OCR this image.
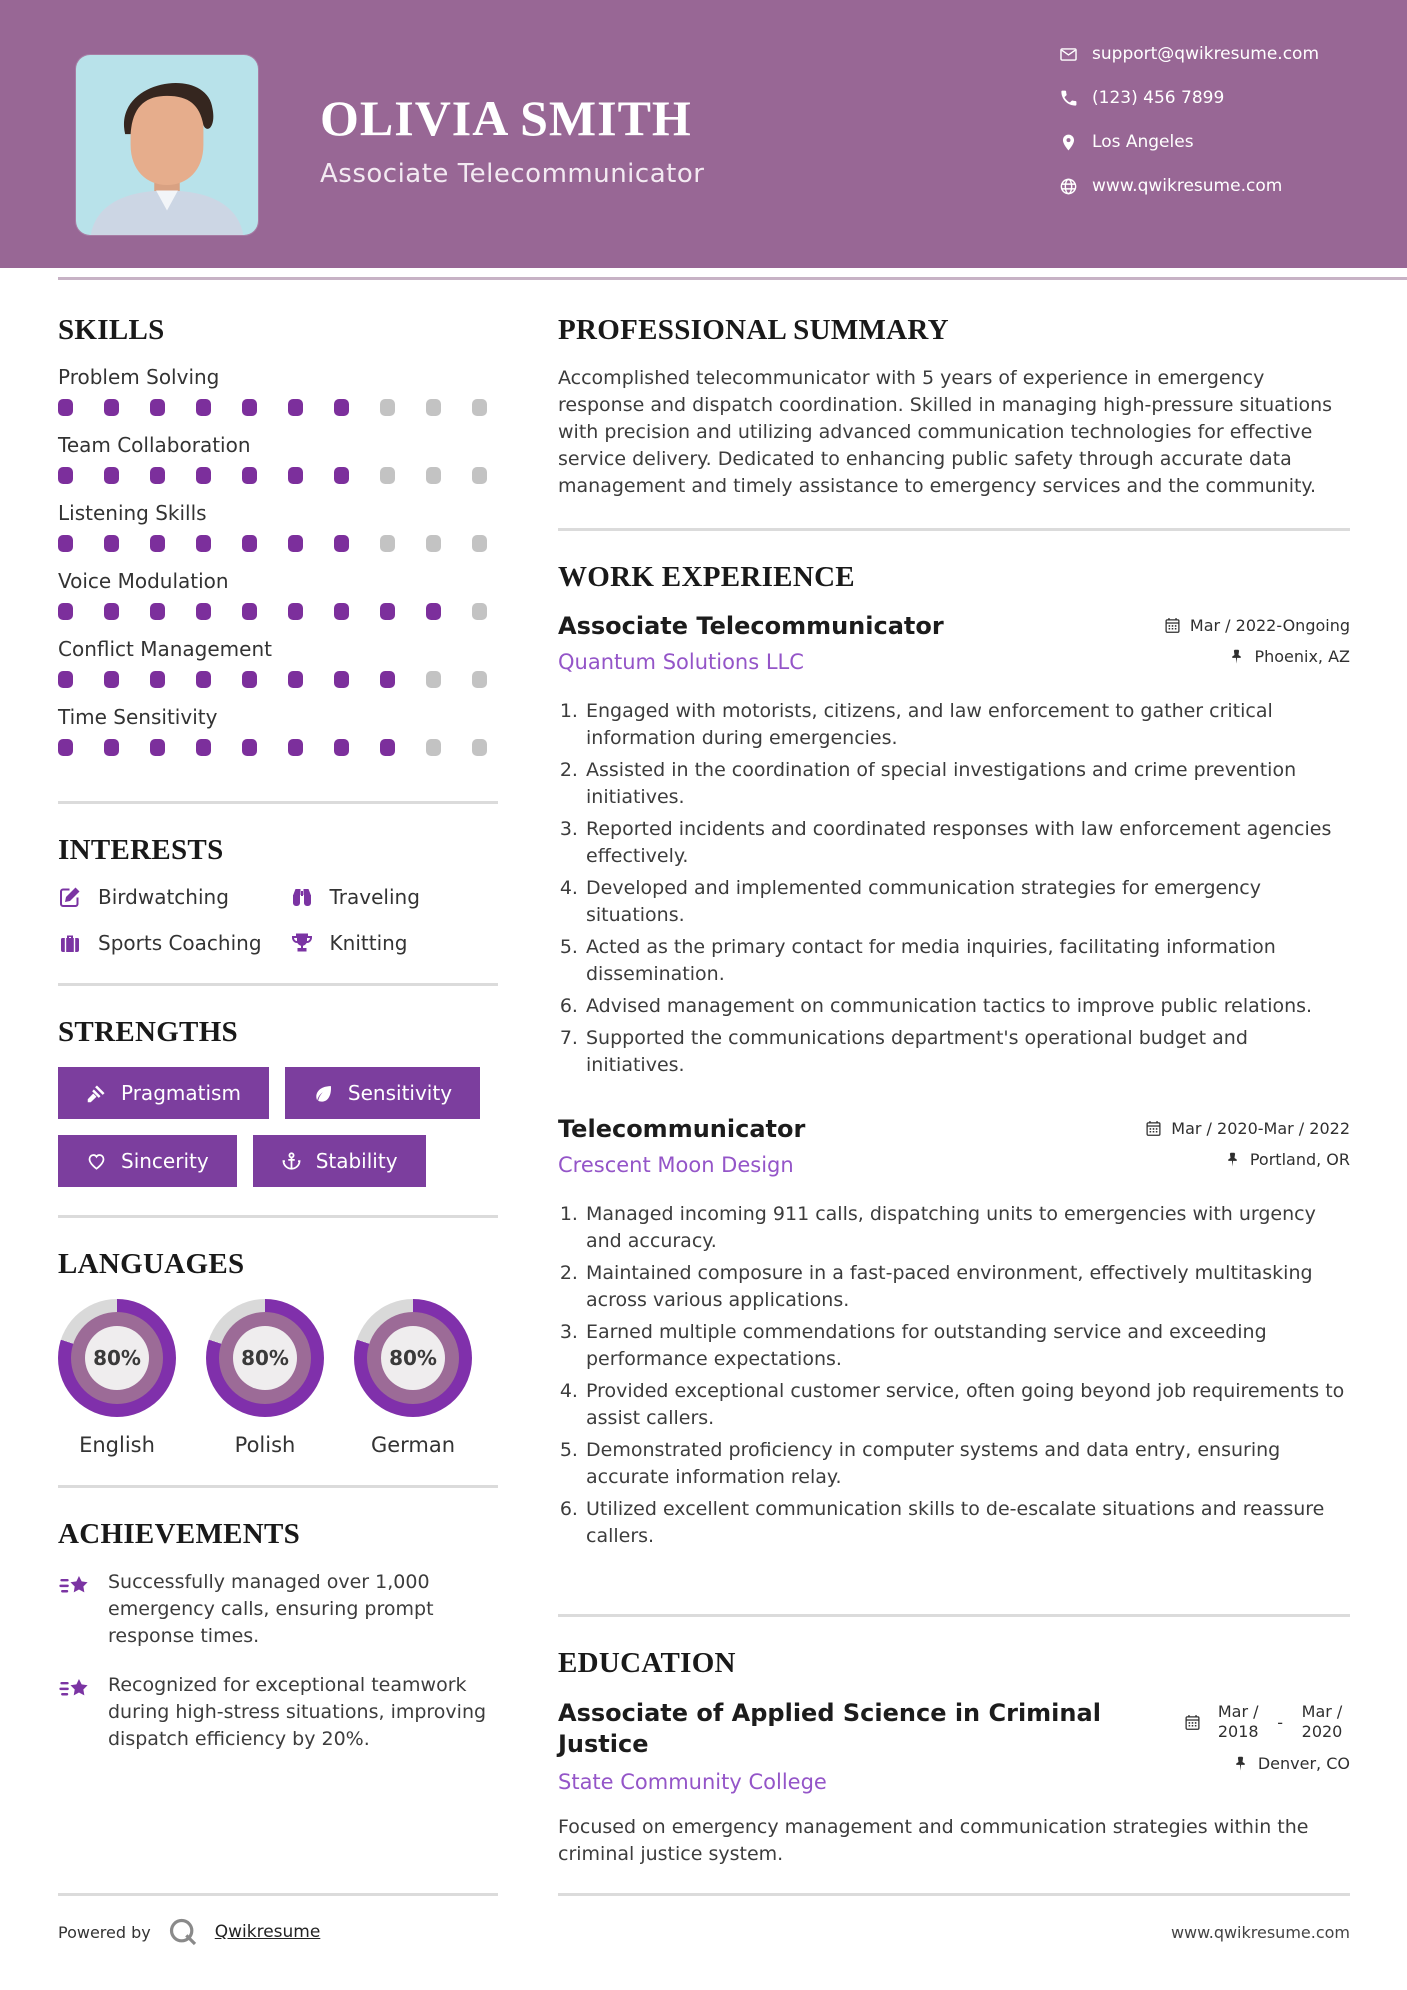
OLIVIA SMITH
Associate Telecommunicator
support@qwikresume.com
(123) 456 7899
Los Angeles
www.qwikresume.com
SKILLS
Problem Solving
Team Collaboration
Listening Skills
Voice Modulation
Conflict Management
Time Sensitivity
INTERESTS
Birdwatching	Traveling
Sports Coaching	Knitting
STRENGTHS
Pragmatism	Sensitivity
Sincerity	Stability
LANGUAGES
80%
English
80%
Polish
80%
German
ACHIEVEMENTS

Successfully managed over 1,000 emergency calls, ensuring prompt response times.

Recognized for exceptional teamwork during high-stress situations, improving dispatch efficiency by 20%.

PROFESSIONAL SUMMARY

Accomplished telecommunicator with 5 years of experience in emergency response and dispatch coordination. Skilled in managing high-pressure situations with precision and utilizing advanced communication technologies for effective service delivery. Dedicated to enhancing public safety through accurate data management and timely assistance to emergency services and the community.

WORK EXPERIENCE
Associate Telecommunicator
Quantum Solutions LLC
Mar / 2022-Ongoing
Phoenix, AZ
1. Engaged with motorists, citizens, and law enforcement to gather critical information during emergencies.
2. Assisted in the coordination of special investigations and crime prevention initiatives.
3. Reported incidents and coordinated responses with law enforcement agencies effectively.
4. Developed and implemented communication strategies for emergency situations.
5. Acted as the primary contact for media inquiries, facilitating information dissemination.
6. Advised management on communication tactics to improve public relations.
7. Supported the communications department's operational budget and initiatives.
Telecommunicator
Crescent Moon Design
Mar / 2020-Mar / 2022
Portland, OR
1. Managed incoming 911 calls, dispatching units to emergencies with urgency and accuracy.
2. Maintained composure in a fast-paced environment, effectively multitasking across various applications.
3. Earned multiple commendations for outstanding service and exceeding performance expectations.
4. Provided exceptional customer service, often going beyond job requirements to assist callers.
5. Demonstrated proficiency in computer systems and data entry, ensuring accurate information relay.
6. Utilized excellent communication skills to de-escalate situations and reassure callers.
EDUCATION

Associate of Applied Science in Criminal Justice

State Community College
Mar / 2018	-
Mar / 2020
Denver, CO

Focused on emergency management and communication strategies within the criminal justice system.

Powered by	Qwikresume	www.qwikresume.com
